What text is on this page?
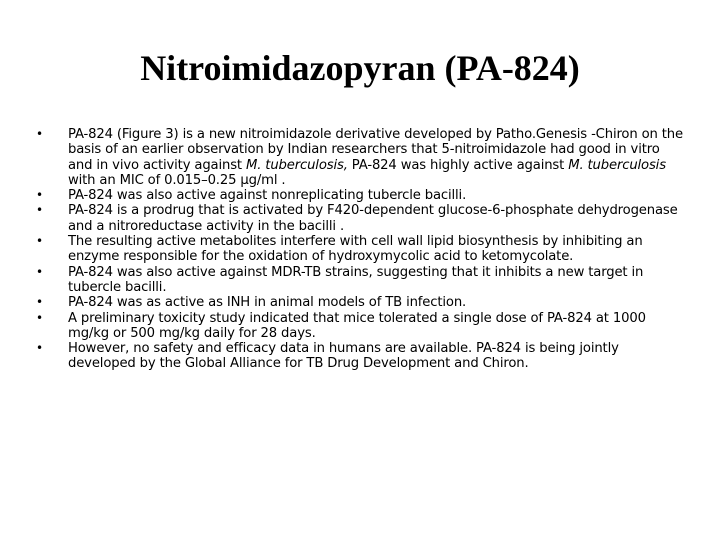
Nitroimidazopyran (PA-824)
•	PA-824 (Figure 3) is a new nitroimidazole derivative developed by Patho.Genesis -Chiron on the basis of an earlier observation by Indian researchers that 5-nitroimidazole had good in vitro and in vivo activity against M. tuberculosis, PA-824 was highly active against M. tuberculosis with an MIC of 0.015–0.25 μg/ml .
•	PA-824 was also active against nonreplicating tubercle bacilli.
•	PA-824 is a prodrug that is activated by F420-dependent glucose-6-phosphate dehydrogenase and a nitroreductase activity in the bacilli .
•	The resulting active metabolites interfere with cell wall lipid biosynthesis by inhibiting an enzyme responsible for the oxidation of hydroxymycolic acid to ketomycolate.
•	PA-824 was also active against MDR-TB strains, suggesting that it inhibits a new target in tubercle bacilli.
•	PA-824 was as active as INH in animal models of TB infection.
•	A preliminary toxicity study indicated that mice tolerated a single dose of PA-824 at 1000 mg/kg or 500 mg/kg daily for 28 days.
•	However, no safety and efficacy data in humans are available. PA-824 is being jointly developed by the Global Alliance for TB Drug Development and Chiron.
